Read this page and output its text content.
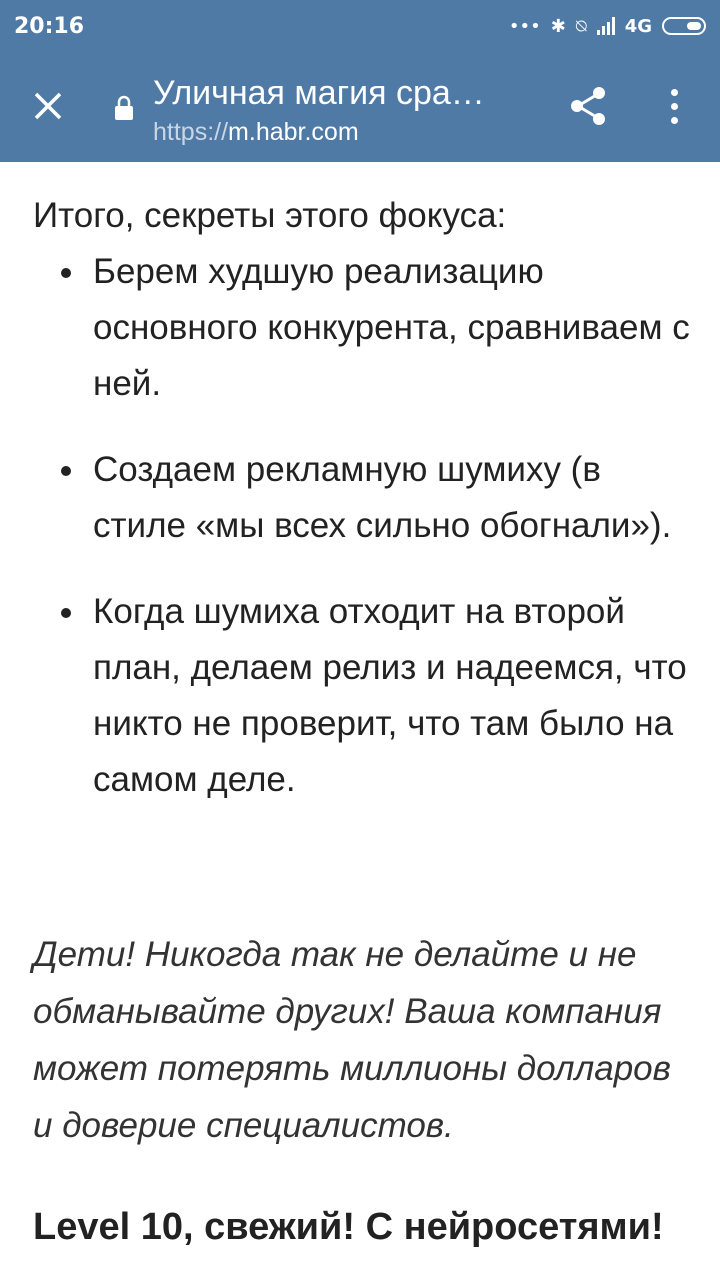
20:16	••• ✱ ⍉ 4G
Уличная магия сра…
https://m.habr.com

Итого, секреты этого фокуса:

Берем худшую реализацию основного конкурента, сравниваем с ней.
Создаем рекламную шумиху (в стиле «мы всех сильно обогнали»).
Когда шумиха отходит на второй план, делаем релиз и надеемся, что никто не проверит, что там было на самом деле.

Дети! Никогда так не делайте и не обманывайте других! Ваша компания может потерять миллионы долларов и доверие специалистов.

Level 10, свежий! С нейросетями!
